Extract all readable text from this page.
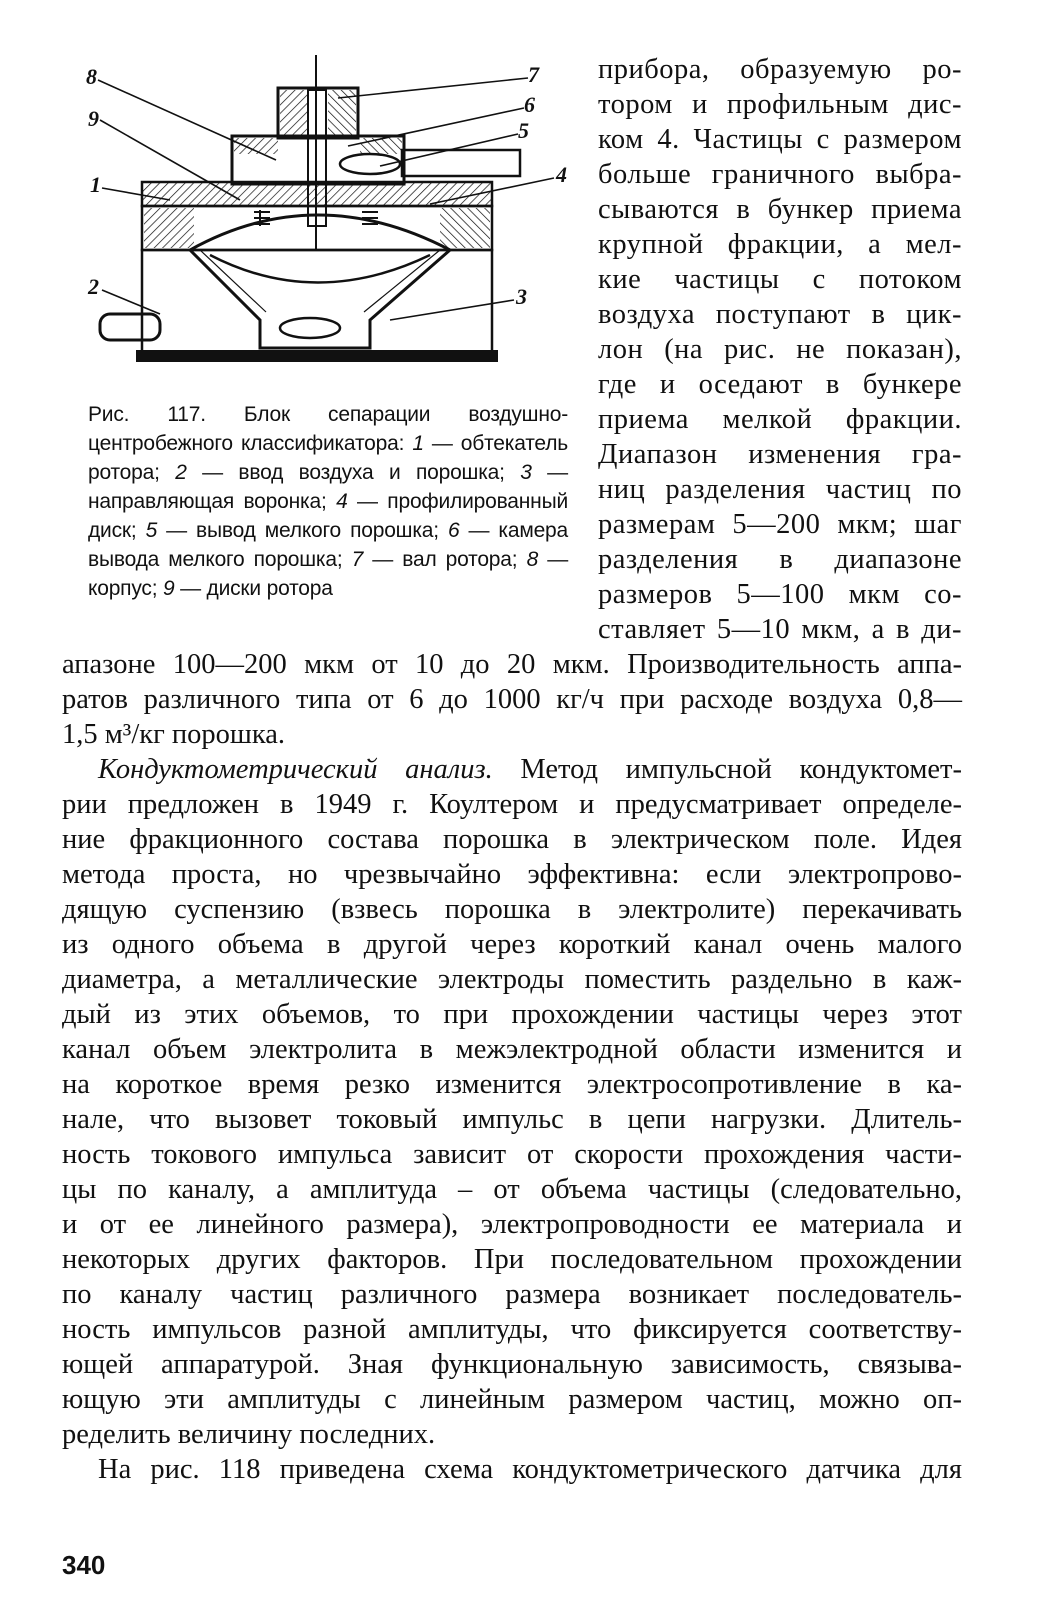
8
9
1
2
7
6
5
4
3
Рис. 117. Блок сепарации воздушно-центробежного классификатора: 1 — обтекатель ротора; 2 — ввод воздуха и порошка; 3 — направляющая воронка; 4 — профилированный диск; 5 — вывод мелкого порошка; 6 — камера вывода мелкого порошка; 7 — вал ротора; 8 — корпус; 9 — диски ротора
прибора, образуемую ро-
тором и профильным дис-
ком 4. Частицы с размером
больше граничного выбра-
сываются в бункер приема
крупной фракции, а мел-
кие частицы с потоком
воздуха поступают в цик-
лон (на рис. не показан),
где и оседают в бункере
приема мелкой фракции.
Диапазон изменения гра-
ниц разделения частиц по
размерам 5—200 мкм; шаг
разделения в диапазоне
размеров 5—100 мкм со-
ставляет 5—10 мкм, а в ди-
апазоне 100—200 мкм от 10 до 20 мкм. Производительность аппа-
ратов различного типа от 6 до 1000 кг/ч при расходе воздуха 0,8—
1,5 м³/кг порошка.
Кондуктометрический анализ. Метод импульсной кондуктомет-
рии предложен в 1949 г. Коултером и предусматривает определе-
ние фракционного состава порошка в электрическом поле. Идея
метода проста, но чрезвычайно эффективна: если электропрово-
дящую суспензию (взвесь порошка в электролите) перекачивать
из одного объема в другой через короткий канал очень малого
диаметра, а металлические электроды поместить раздельно в каж-
дый из этих объемов, то при прохождении частицы через этот
канал объем электролита в межэлектродной области изменится и
на короткое время резко изменится электросопротивление в ка-
нале, что вызовет токовый импульс в цепи нагрузки. Длитель-
ность токового импульса зависит от скорости прохождения части-
цы по каналу, а амплитуда – от объема частицы (следовательно,
и от ее линейного размера), электропроводности ее материала и
некоторых других факторов. При последовательном прохождении
по каналу частиц различного размера возникает последователь-
ность импульсов разной амплитуды, что фиксируется соответству-
ющей аппаратурой. Зная функциональную зависимость, связыва-
ющую эти амплитуды с линейным размером частиц, можно оп-
ределить величину последних.
На рис. 118 приведена схема кондуктометрического датчика для
340
